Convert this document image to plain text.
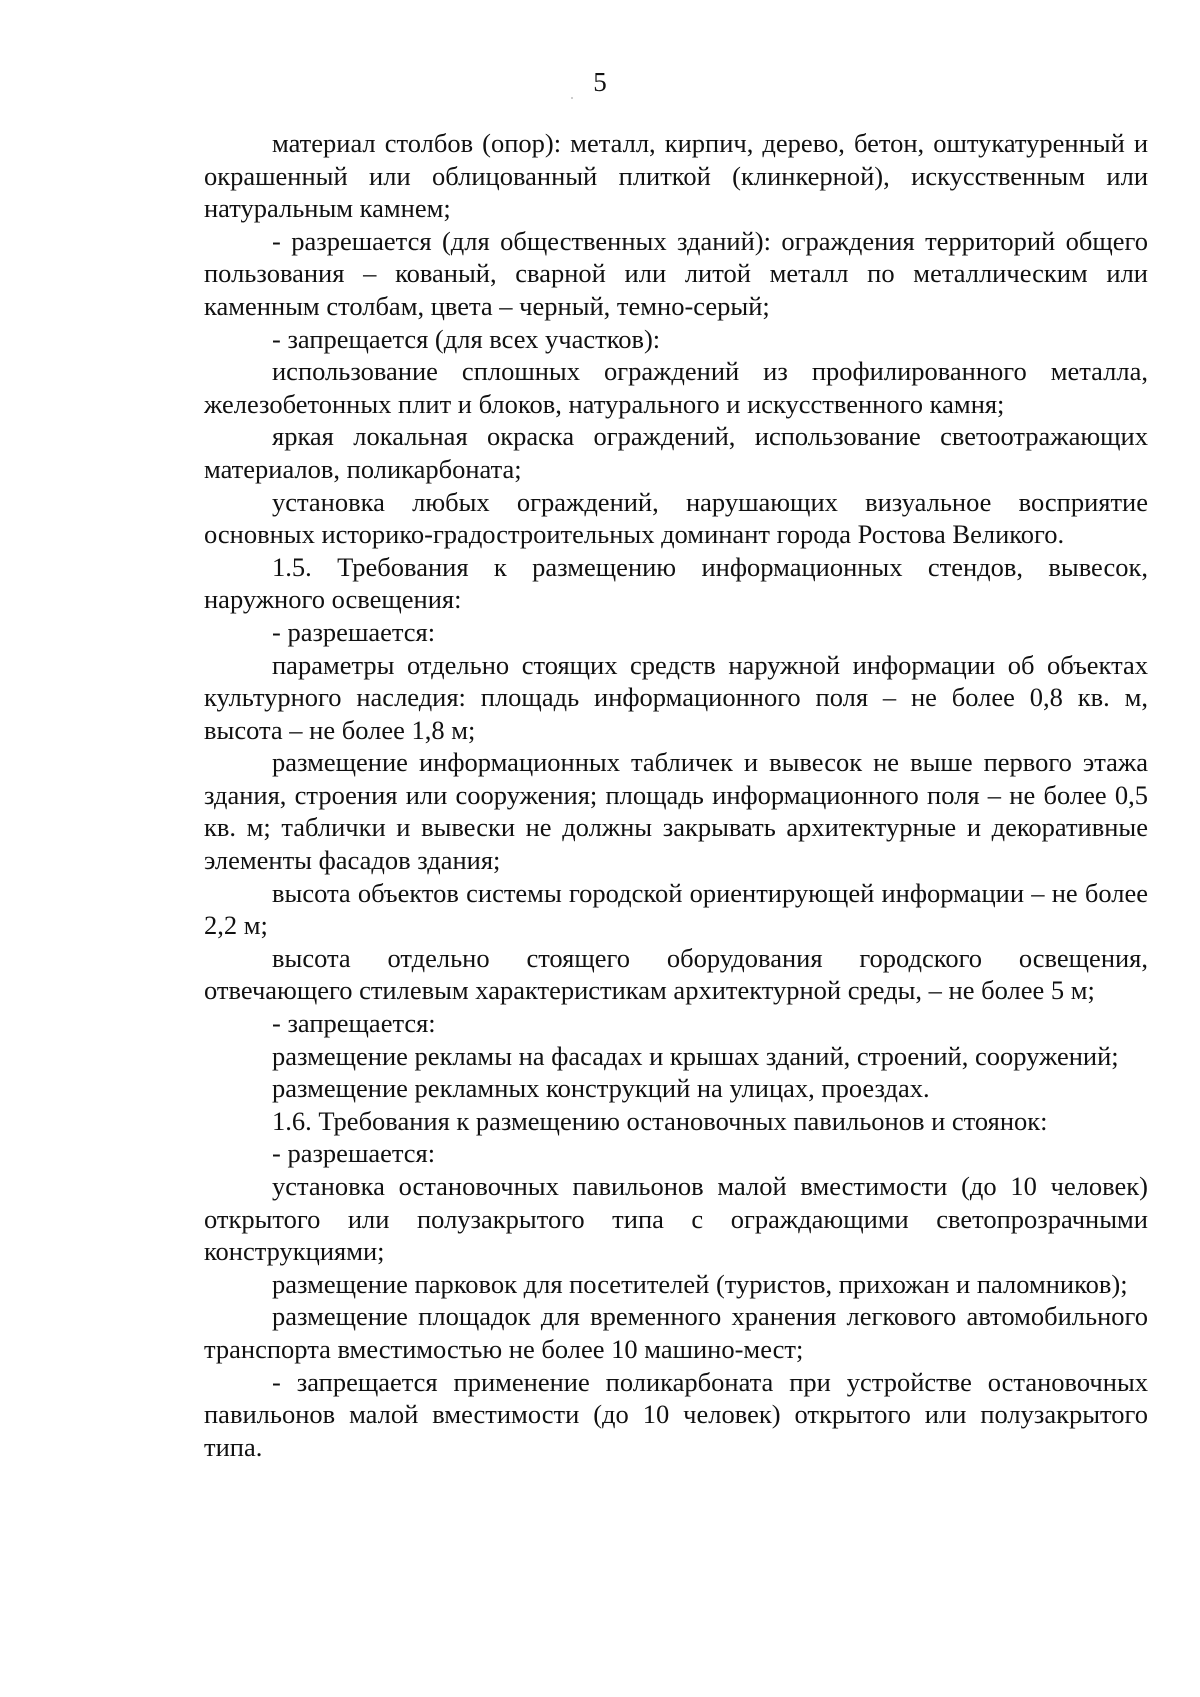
5

материал столбов (опор): металл, кирпич, дерево, бетон, оштукатуренный и окрашенный или облицованный плиткой (клинкерной), искусственным или натуральным камнем;

- разрешается (для общественных зданий): ограждения территорий общего пользования – кованый, сварной или литой металл по металлическим или каменным столбам, цвета – черный, темно-серый;

- запрещается (для всех участков):

использование сплошных ограждений из профилированного металла, железобетонных плит и блоков, натурального и искусственного камня;

яркая локальная окраска ограждений, использование светоотражающих материалов, поликарбоната;

установка любых ограждений, нарушающих визуальное восприятие основных историко-градостроительных доминант города Ростова Великого.

1.5. Требования к размещению информационных стендов, вывесок, наружного освещения:

- разрешается:

параметры отдельно стоящих средств наружной информации об объектах культурного наследия: площадь информационного поля – не более 0,8 кв. м, высота – не более 1,8 м;

размещение информационных табличек и вывесок не выше первого этажа здания, строения или сооружения; площадь информационного поля – не более 0,5 кв. м; таблички и вывески не должны закрывать архитектурные и декоративные элементы фасадов здания;

высота объектов системы городской ориентирующей информации – не более 2,2 м;

высота отдельно стоящего оборудования городского освещения, отвечающего стилевым характеристикам архитектурной среды, – не более 5 м;

- запрещается:

размещение рекламы на фасадах и крышах зданий, строений, сооружений;

размещение рекламных конструкций на улицах, проездах.

1.6. Требования к размещению остановочных павильонов и стоянок:

- разрешается:

установка остановочных павильонов малой вместимости (до 10 человек) открытого или полузакрытого типа с ограждающими светопрозрачными конструкциями;

размещение парковок для посетителей (туристов, прихожан и паломников);

размещение площадок для временного хранения легкового автомобильного транспорта вместимостью не более 10 машино-мест;

- запрещается применение поликарбоната при устройстве остановочных павильонов малой вместимости (до 10 человек) открытого или полузакрытого типа.
